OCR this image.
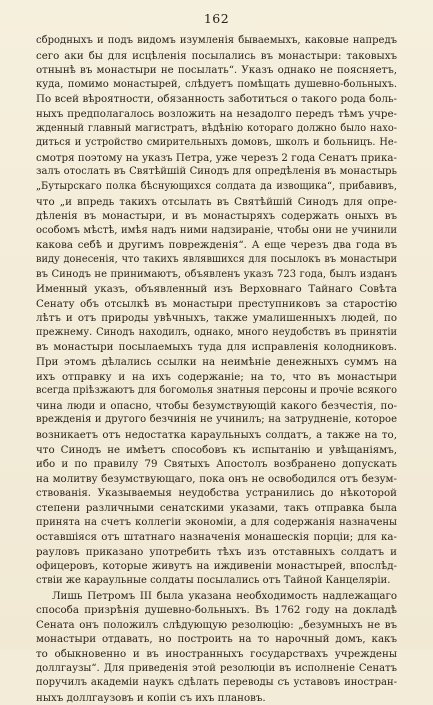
162
сбродныхъ и подъ видомъ изумленія бываемыхъ, каковые напредъ
сего аки бы для исцѣленія посылались въ монастыри: таковыхъ
отнынѣ въ монастыри не посылать“. Указъ однако не поясняетъ,
куда, помимо монастырей, слѣдуетъ помѣщать душевно-больныхъ.
По всей вѣроятности, обязанность заботиться о такого рода боль-
ныхъ предполагалось возложить на незадолго передъ тѣмъ учре-
жденный главный магистратъ, вѣдѣнію котораго должно было нахо-
диться и устройство смирительныхъ домовъ, школъ и больницъ. Не-
смотря поэтому на указъ Петра, уже черезъ 2 года Сенатъ прика-
залъ отослать въ Святѣйшій Синодъ для опредѣленія въ монастырь
„Бутырскаго полка бѣснующихся солдата да извощика“, прибавивъ,
что „и впредь такихъ отсылать въ Святѣйшій Синодъ для опре-
дѣленія въ монастыри, и въ монастыряхъ содержать оныхъ въ
особомъ мѣстѣ, имѣя надъ ними надзираніе, чтобы они не учинили
какова себѣ и другимъ поврежденія“. А еще черезъ два года въ
виду донесенія, что такихъ являвшихся для посылокъ въ монастыри
въ Синодъ не принимаютъ, объявленъ указъ 723 года, былъ изданъ
Именный указъ, объявленный изъ Верховнаго Тайнаго Совѣта
Сенату объ отсылкѣ въ монастыри преступниковъ за старостію
лѣтъ и отъ природы увѣчныхъ, также умалишенныхъ людей, по
прежнему. Синодъ находилъ, однако, много неудобствъ въ принятіи
въ монастыри посылаемыхъ туда для исправленія колодниковъ.
При этомъ дѣлались ссылки на неимѣніе денежныхъ суммъ на
ихъ отправку и на ихъ содержаніе; на то, что въ монастыри
всегда пріѣзжаютъ для богомолья знатныя персоны и прочіе всякого
чина люди и опасно, чтобы безумствующій какого безчестія, по-
врежденія и другого безчинія не учинилъ; на затрудненіе, которое
возникаетъ отъ недостатка караульныхъ солдатъ, а также на то,
что Синодъ не имѣетъ способовъ къ испытанію и увѣщаніямъ,
ибо и по правилу 79 Святыхъ Апостолъ возбранено допускать
на молитву безумствующаго, пока онъ не освободился отъ безум-
ствованія. Указываемыя неудобства устранились до нѣкоторой
степени различными сенатскими указами, такъ отправка была
принята на счетъ коллегіи экономіи, а для содержанія назначены
оставшіяся отъ штатнаго назначенія монашескія порціи; для ка-
рауловъ приказано употребить тѣхъ изъ отставныхъ солдатъ и
офицеровъ, которые живутъ на иждивеніи монастырей, впослѣд-
ствіи же караульные солдаты посылались отъ Тайной Канцеляріи.
Лишь Петромъ III была указана необходимость надлежащаго
способа призрѣнія душевно-больныхъ. Въ 1762 году на докладѣ
Сената онъ положилъ слѣдующую резолюцію: „безумныхъ не въ
монастыри отдавать, но построить на то нарочный домъ, какъ
то обыкновенно и въ иностранныхъ государствахъ учреждены
доллгаузы“. Для приведенія этой резолюціи въ исполненіе Сенатъ
поручилъ академіи наукъ сдѣлать переводы съ уставовъ иностран-
ныхъ доллгаузовъ и копіи съ ихъ плановъ.
